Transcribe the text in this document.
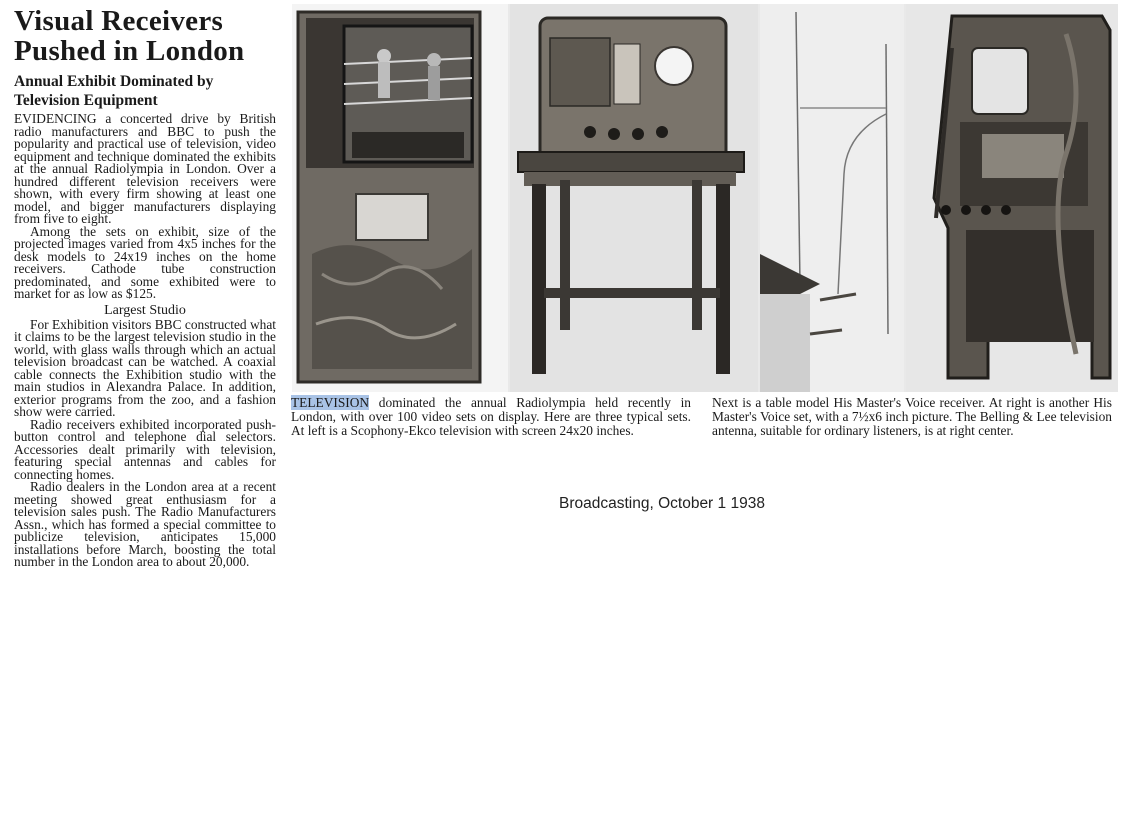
Visual Receivers
Pushed in London
Annual Exhibit Dominated by
Television Equipment

EVIDENCING a concerted drive by British radio manufacturers and BBC to push the popularity and practical use of television, video equipment and technique dominated the exhibits at the annual Radiolympia in London. Over a hundred different television receivers were shown, with every firm showing at least one model, and bigger manufacturers displaying from five to eight.

Among the sets on exhibit, size of the projected images varied from 4x5 inches for the desk models to 24x19 inches on the home receivers. Cathode tube construction predominated, and some exhibited were to market for as low as $125.

Largest Studio

For Exhibition visitors BBC constructed what it claims to be the largest television studio in the world, with glass walls through which an actual television broadcast can be watched. A coaxial cable connects the Exhibition studio with the main studios in Alexandra Palace. In addition, exterior programs from the zoo, and a fashion show were carried.

Radio receivers exhibited incorporated push-button control and telephone dial selectors. Accessories dealt primarily with television, featuring special antennas and cables for connecting homes.

Radio dealers in the London area at a recent meeting showed great enthusiasm for a television sales push. The Radio Manufacturers Assn., which has formed a special committee to publicize television, anticipates 15,000 installations before March, boosting the total number in the London area to about 20,000.

TELEVISION dominated the annual Radiolympia held recently in London, with over 100 video sets on display. Here are three typical sets. At left is a Scophony-Ekco television with screen 24x20 inches.
Next is a table model His Master's Voice receiver. At right is another His Master's Voice set, with a 7½x6 inch picture. The Belling & Lee television antenna, suitable for ordinary listeners, is at right center.
Broadcasting, October 1 1938
